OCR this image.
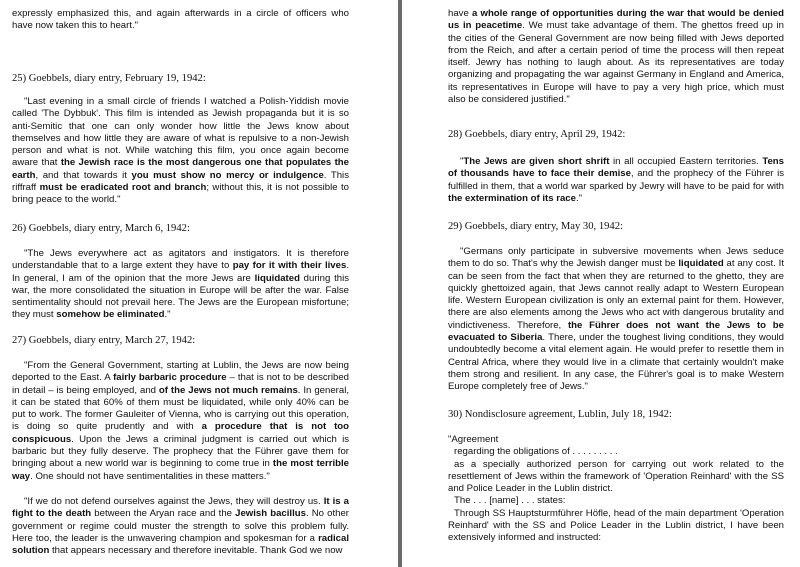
expressly emphasized this, and again afterwards in a circle of officers who have now taken this to heart."

25) Goebbels, diary entry, February 19, 1942:

"Last evening in a small circle of friends I watched a Polish-Yiddish movie called 'The Dybbuk'. This film is intended as Jewish propaganda but it is so anti-Semitic that one can only wonder how little the Jews know about themselves and how little they are aware of what is repulsive to a non-Jewish person and what is not. While watching this film, you once again become aware that the Jewish race is the most dangerous one that populates the earth, and that towards it you must show no mercy or indulgence. This riffraff must be eradicated root and branch; without this, it is not possible to bring peace to the world."

26) Goebbels, diary entry, March 6, 1942:

"The Jews everywhere act as agitators and instigators. It is therefore understandable that to a large extent they have to pay for it with their lives. In general, I am of the opinion that the more Jews are liquidated during this war, the more consolidated the situation in Europe will be after the war. False sentimentality should not prevail here. The Jews are the European misfortune; they must somehow be eliminated."

27) Goebbels, diary entry, March 27, 1942:

"From the General Government, starting at Lublin, the Jews are now being deported to the East. A fairly barbaric procedure – that is not to be described in detail – is being employed, and of the Jews not much remains. In general, it can be stated that 60% of them must be liquidated, while only 40% can be put to work. The former Gauleiter of Vienna, who is carrying out this operation, is doing so quite prudently and with a procedure that is not too conspicuous. Upon the Jews a criminal judgment is carried out which is barbaric but they fully deserve. The prophecy that the Führer gave them for bringing about a new world war is beginning to come true in the most terrible way. One should not have sentimentalities in these matters."

"If we do not defend ourselves against the Jews, they will destroy us. It is a fight to the death between the Aryan race and the Jewish bacillus. No other government or regime could muster the strength to solve this problem fully. Here too, the leader is the unwavering champion and spokesman for a radical solution that appears necessary and therefore inevitable. Thank God we now

have a whole range of opportunities during the war that would be denied us in peacetime. We must take advantage of them. The ghettos freed up in the cities of the General Government are now being filled with Jews deported from the Reich, and after a certain period of time the process will then repeat itself. Jewry has nothing to laugh about. As its representatives are today organizing and propagating the war against Germany in England and America, its representatives in Europe will have to pay a very high price, which must also be considered justified."

28) Goebbels, diary entry, April 29, 1942:

"The Jews are given short shrift in all occupied Eastern territories. Tens of thousands have to face their demise, and the prophecy of the Führer is fulfilled in them, that a world war sparked by Jewry will have to be paid for with the extermination of its race."

29) Goebbels, diary entry, May 30, 1942:

"Germans only participate in subversive movements when Jews seduce them to do so. That's why the Jewish danger must be liquidated at any cost. It can be seen from the fact that when they are returned to the ghetto, they are quickly ghettoized again, that Jews cannot really adapt to Western European life. Western European civilization is only an external paint for them. However, there are also elements among the Jews who act with dangerous brutality and vindictiveness. Therefore, the Führer does not want the Jews to be evacuated to Siberia. There, under the toughest living conditions, they would undoubtedly become a vital element again. He would prefer to resettle them in Central Africa, where they would live in a climate that certainly wouldn't make them strong and resilient. In any case, the Führer's goal is to make Western Europe completely free of Jews."

30) Nondisclosure agreement, Lublin, July 18, 1942:

"Agreement
regarding the obligations of . . . . . . . . .
as a specially authorized person for carrying out work related to the resettlement of Jews within the framework of 'Operation Reinhard' with the SS and Police Leader in the Lublin district.
The . . . [name] . . . states:
Through SS Hauptsturmführer Höfle, head of the main department 'Operation Reinhard' with the SS and Police Leader in the Lublin district, I have been extensively informed and instructed:
